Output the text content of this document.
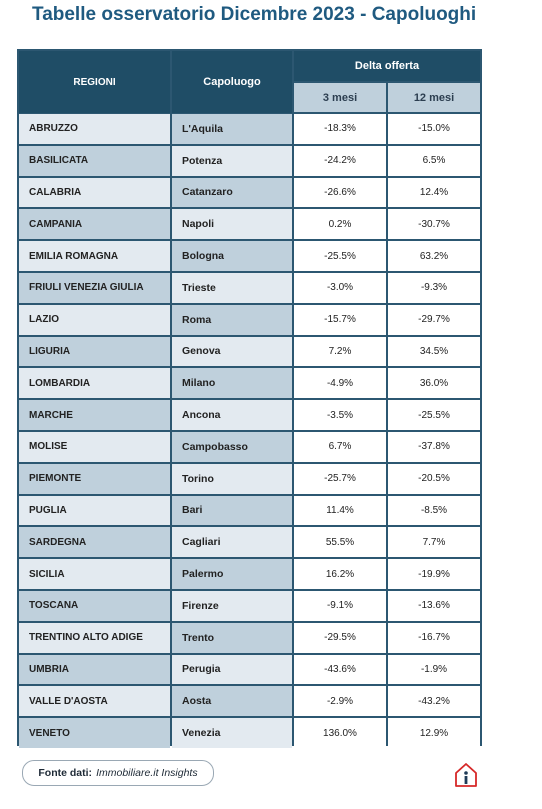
Tabelle osservatorio Dicembre 2023 - Capoluoghi
REGIONI	Capoluogo
Delta offerta
3 mesi	12 mesi
ABRUZZO	L'Aquila	-18.3%	-15.0%
BASILICATA	Potenza	-24.2%	6.5%
CALABRIA	Catanzaro	-26.6%	12.4%
CAMPANIA	Napoli	0.2%	-30.7%
EMILIA ROMAGNA	Bologna	-25.5%	63.2%
FRIULI VENEZIA GIULIA	Trieste	-3.0%	-9.3%
LAZIO	Roma	-15.7%	-29.7%
LIGURIA	Genova	7.2%	34.5%
LOMBARDIA	Milano	-4.9%	36.0%
MARCHE	Ancona	-3.5%	-25.5%
MOLISE	Campobasso	6.7%	-37.8%
PIEMONTE	Torino	-25.7%	-20.5%
PUGLIA	Bari	11.4%	-8.5%
SARDEGNA	Cagliari	55.5%	7.7%
SICILIA	Palermo	16.2%	-19.9%
TOSCANA	Firenze	-9.1%	-13.6%
TRENTINO ALTO ADIGE	Trento	-29.5%	-16.7%
UMBRIA	Perugia	-43.6%	-1.9%
VALLE D'AOSTA	Aosta	-2.9%	-43.2%
VENETO	Venezia	136.0%	12.9%
Fonte dati: Immobiliare.it Insights
